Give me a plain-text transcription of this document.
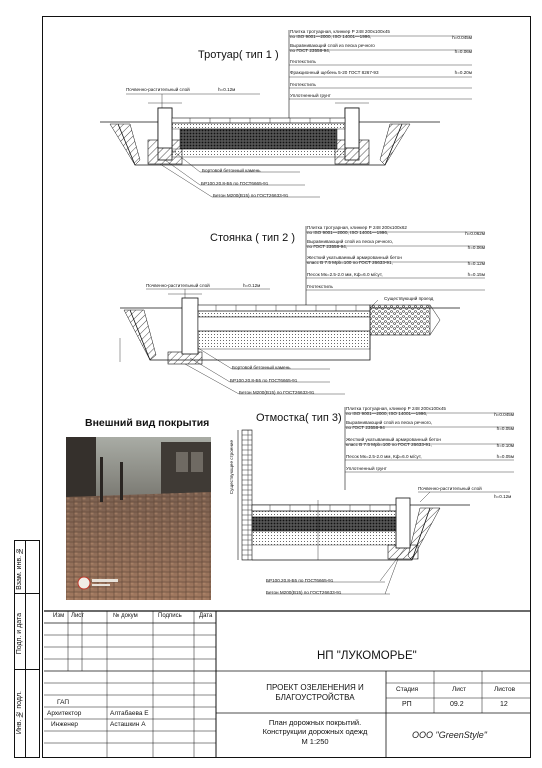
Взам. инв. №
Подп. и дата
Инв. № подл.
Тротуар( тип 1 )
Плитка тротуарная, клинкер Р 248 200х100х45
по ISO 9001—2000, ISO 14001—1996,	h=0.045м
Выравнивающий слой из песка речного
по ГОСТ 23558-94,	h=0.06м
Геотекстиль
Фракционный щебень 5-20 ГОСТ 8267-93	h=0.20м
Геотекстиль
Уплотненный грунт
Почвенно-растительный слой	h=0.12м
Бортовой бетонный камень
БР100.20.8-Б5 по ГОСТ6665-91
Бетон М200(В15) по ГОСТ26633-91
Стоянка ( тип 2 )
Плитка тротуарная, клинкер Р 248 200х100х62
по ISO 9001—2000, ISO 14001—1996,	h=0.062м
Выравнивающий слой из песка речного,
по ГОСТ 23558-94,	h=0.06м
Жесткий укатываемый армированный бетон
класс В 7.5 Мрb=100 по ГОСТ 26633-91,	h=0.12м
Песок Мк=2.5-2.0 мм, Кф=6.0 м/сут,	h=0.15м
Геотекстиль
Почвенно-растительный слой	h=0.12м
Существующий проезд
Бортовой бетонный камень
БР100.20.8-Б5 по ГОСТ6665-91
Бетон М200(В15) по ГОСТ26633-91
Отмостка( тип 3)
Плитка тротуарная, клинкер Р 248 200х100х45
по ISO 9001—2000, ISO 14001—1996,	h=0.045м
Выравнивающий слой из песка речного,
по ГОСТ 23558-94	h=0.05м
Жесткий укатываемый армированный бетон
класс В 7.5 Мрb=100 по ГОСТ 26633-91,	h=0.10м
Песок Мк=2.5-2.0 мм, Кф=6.0 м/сут,	h=0.05м
Уплотненный грунт
Почвенно-растительный слой
h=0.12м
Существующее строение
БР100.20.8-Б5 по ГОСТ6665-91
Бетон М200(В15) по ГОСТ26633-91
Внешний вид покрытия
Изм Лист	№ докум	Подпись	Дата
ГАП
Архитектор	Алтабаева Е
Инженер	Асташкин А
НП "ЛУКОМОРЬЕ"
ПРОЕКТ ОЗЕЛЕНЕНИЯ И
БЛАГОУСТРОЙСТВА
План дорожных покрытий.
Конструкции дорожных одежд
М 1:250
Стадия	Лист	Листов
РП	09.2	12
ООО "GreenStyle"
